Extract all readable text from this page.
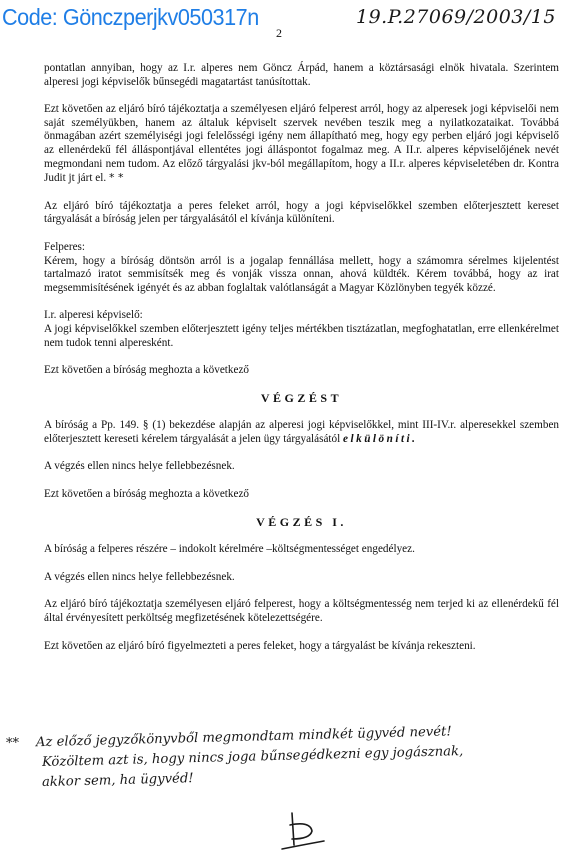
Code: Gönczperjkv050317n
2
19.P.27069/2003/15

pontatlan annyiban, hogy az I.r. alperes nem Göncz Árpád, hanem a köztársasági elnök hivatala. Szerintem alperesi jogi képviselők bűnsegédi magatartást tanúsítottak.

Ezt követően az eljáró bíró tájékoztatja a személyesen eljáró felperest arról, hogy az alperesek jogi képviselői nem saját személyükben, hanem az általuk képviselt szervek nevében teszik meg a nyilatkozataikat. Továbbá önmagában azért személyiségi jogi felelősségi igény nem állapítható meg, hogy egy perben eljáró jogi képviselő az ellenérdekű fél álláspontjával ellentétes jogi álláspontot fogalmaz meg. A II.r. alperes képviselőjének nevét megmondani nem tudom. Az előző tárgyalási jkv-ból megállapítom, hogy a II.r. alperes képviseletében dr. Kontra Judit jt járt el. * *

Az eljáró bíró tájékoztatja a peres feleket arról, hogy a jogi képviselőkkel szemben előterjesztett kereset tárgyalását a bíróság jelen per tárgyalásától el kívánja különíteni.

Felperes:

Kérem, hogy a bíróság döntsön arról is a jogalap fennállása mellett, hogy a számomra sérelmes kijelentést tartalmazó iratot semmisítsék meg és vonják vissza onnan, ahová küldték. Kérem továbbá, hogy az irat megsemmisítésének igényét és az abban foglaltak valótlanságát a Magyar Közlönyben tegyék közzé.

I.r. alperesi képviselő:

A jogi képviselőkkel szemben előterjesztett igény teljes mértékben tisztázatlan, megfoghatatlan, erre ellenkérelmet nem tudok tenni alperesként.

Ezt követően a bíróság meghozta a következő

VÉGZÉST

A bíróság a Pp. 149. § (1) bekezdése alapján az alperesi jogi képviselőkkel, mint III-IV.r. alperesekkel szemben előterjesztett kereseti kérelem tárgyalását a jelen ügy tárgyalásától elkülöníti.

A végzés ellen nincs helye fellebbezésnek.

Ezt követően a bíróság meghozta a következő

VÉGZÉS I.

A bíróság a felperes részére – indokolt kérelmére –költségmentességet engedélyez.

A végzés ellen nincs helye fellebbezésnek.

Az eljáró bíró tájékoztatja személyesen eljáró felperest, hogy a költségmentesség nem terjed ki az ellenérdekű fél által érvényesített perköltség megfizetésének kötelezettségére.

Ezt követően az eljáró bíró figyelmezteti a peres feleket, hogy a tárgyalást be kívánja rekeszteni.

** Az előző jegyzőkönyvből megmondtam mindkét ügyvéd nevét!
Közöltem azt is, hogy nincs joga bűnsegédkezni egy jogásznak,
akkor sem, ha ügyvéd!
